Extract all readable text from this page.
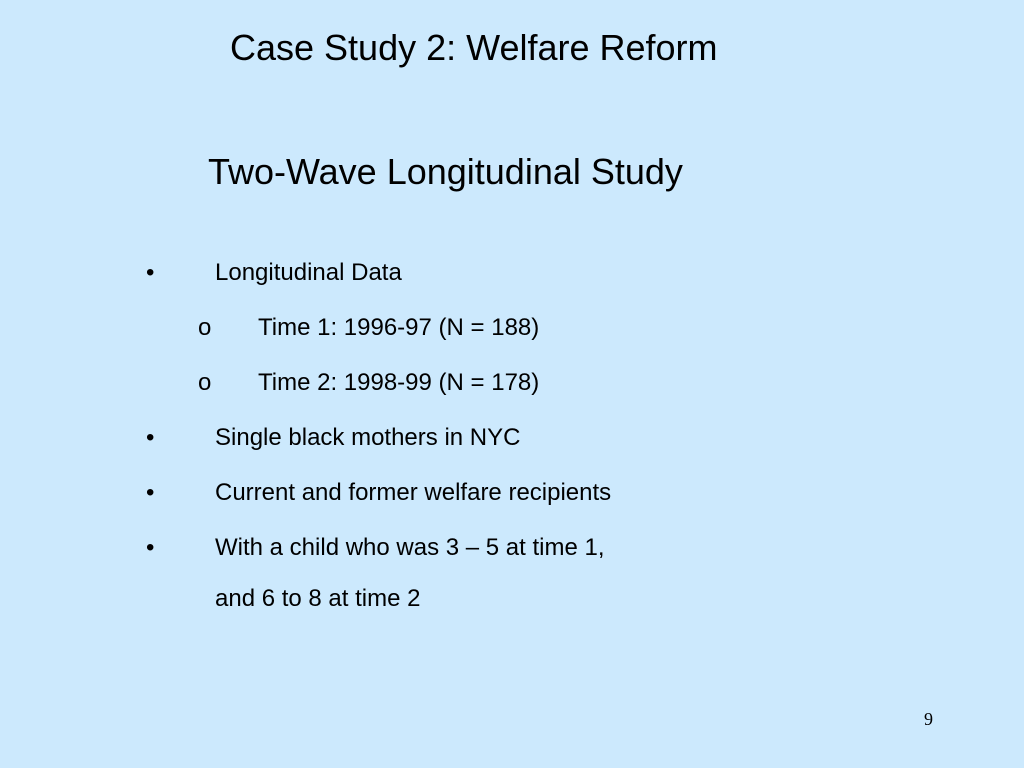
Case Study 2: Welfare Reform
Two-Wave Longitudinal Study
•	Longitudinal Data
o Time 1: 1996-97 (N = 188)
o Time 2: 1998-99 (N = 178)
•	Single black mothers in NYC
•	Current and former welfare recipients
•	With a child who was 3 – 5 at time 1,
and 6 to 8 at time 2
9
